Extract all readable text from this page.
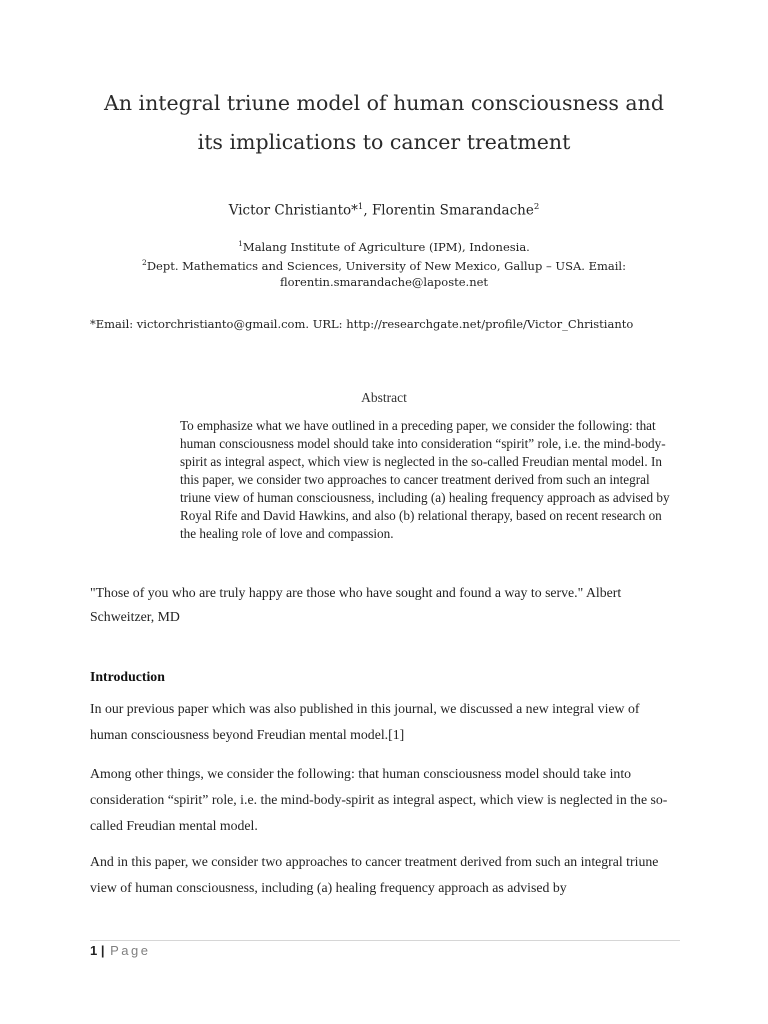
An integral triune model of human consciousness and
its implications to cancer treatment
Victor Christianto*$^1$, Florentin Smarandache$^2$
$^1$Malang Institute of Agriculture (IPM), Indonesia.
$^2$Dept. Mathematics and Sciences, University of New Mexico, Gallup – USA. Email:
florentin.smarandache@laposte.net
*Email: victorchristianto@gmail.com. URL: http://researchgate.net/profile/Victor_Christianto
Abstract
To emphasize what we have outlined in a preceding paper, we consider the following: that human consciousness model should take into consideration “spirit” role, i.e. the mind-body-spirit as integral aspect, which view is neglected in the so-called Freudian mental model. In this paper, we consider two approaches to cancer treatment derived from such an integral triune view of human consciousness, including (a) healing frequency approach as advised by Royal Rife and David Hawkins, and also (b) relational therapy, based on recent research on the healing role of love and compassion.
"Those of you who are truly happy are those who have sought and found a way to serve." Albert Schweitzer, MD
Introduction
In our previous paper which was also published in this journal, we discussed a new integral view of human consciousness beyond Freudian mental model.[1]
Among other things, we consider the following: that human consciousness model should take into consideration “spirit” role, i.e. the mind-body-spirit as integral aspect, which view is neglected in the so-called Freudian mental model.
And in this paper, we consider two approaches to cancer treatment derived from such an integral triune view of human consciousness, including (a) healing frequency approach as advised by
1 | Page
